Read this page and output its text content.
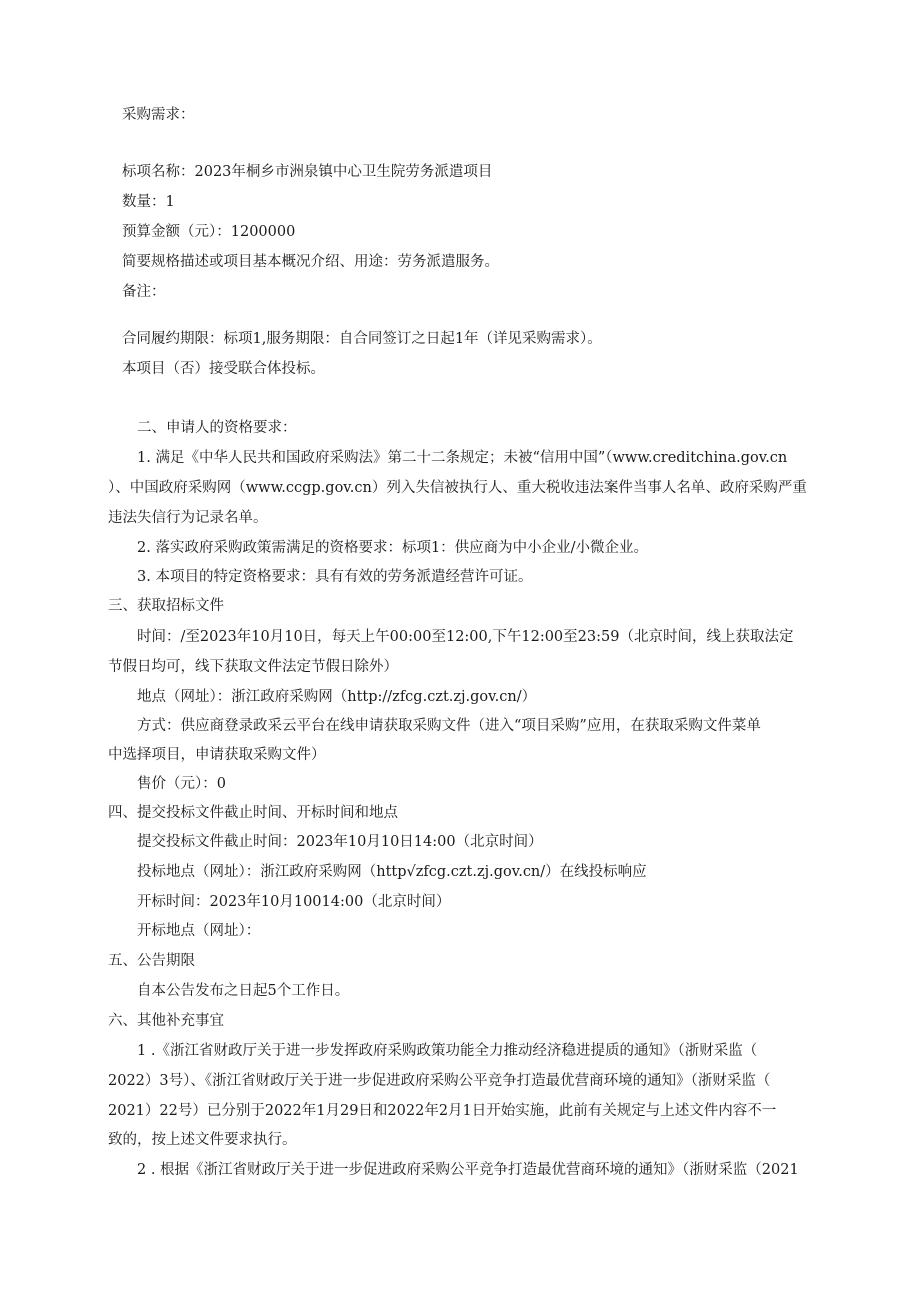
采购需求：
标项名称：2023年桐乡市洲泉镇中心卫生院劳务派遣项目
数量：1
预算金额（元）：1200000
简要规格描述或项目基本概况介绍、用途：劳务派遣服务。
备注：
合同履约期限：标项1,服务期限：自合同签订之日起1年（详见采购需求）。
本项目（否）接受联合体投标。
二、申请人的资格要求：
1. 满足《中华人民共和国政府采购法》第二十二条规定；未被“信用中国”（www.creditchina.gov.cn
）、中国政府采购网（www.ccgp.gov.cn）列入失信被执行人、重大税收违法案件当事人名单、政府采购严重
违法失信行为记录名单。
2. 落实政府采购政策需满足的资格要求：标项1：供应商为中小企业/小微企业。
3. 本项目的特定资格要求：具有有效的劳务派遣经营许可证。
三、获取招标文件
时间：/至2023年10月10日，每天上午00:00至12:00,下午12:00至23:59（北京时间，线上获取法定
节假日均可，线下获取文件法定节假日除外）
地点（网址）：浙江政府采购网（http://zfcg.czt.zj.gov.cn/）
方式：供应商登录政采云平台在线申请获取采购文件（进入“项目采购”应用，在获取采购文件菜单
中选择项目，申请获取采购文件）
售价（元）：0
四、提交投标文件截止时间、开标时间和地点
提交投标文件截止时间：2023年10月10日14:00（北京时间）
投标地点（网址）：浙江政府采购网（http√zfcg.czt.zj.gov.cn/）在线投标响应
开标时间：2023年10月10014:00（北京时间）
开标地点（网址）：
五、公告期限
自本公告发布之日起5个工作日。
六、其他补充事宜
1 .《浙江省财政厅关于进一步发挥政府采购政策功能全力推动经济稳进提质的通知》（浙财采监（
2022）3号）、《浙江省财政厅关于进一步促进政府采购公平竞争打造最优营商环境的通知》（浙财采监（
2021）22号）已分别于2022年1月29日和2022年2月1日开始实施，此前有关规定与上述文件内容不一
致的，按上述文件要求执行。
2 . 根据《浙江省财政厅关于进一步促进政府采购公平竞争打造最优营商环境的通知》（浙财采监（2021
